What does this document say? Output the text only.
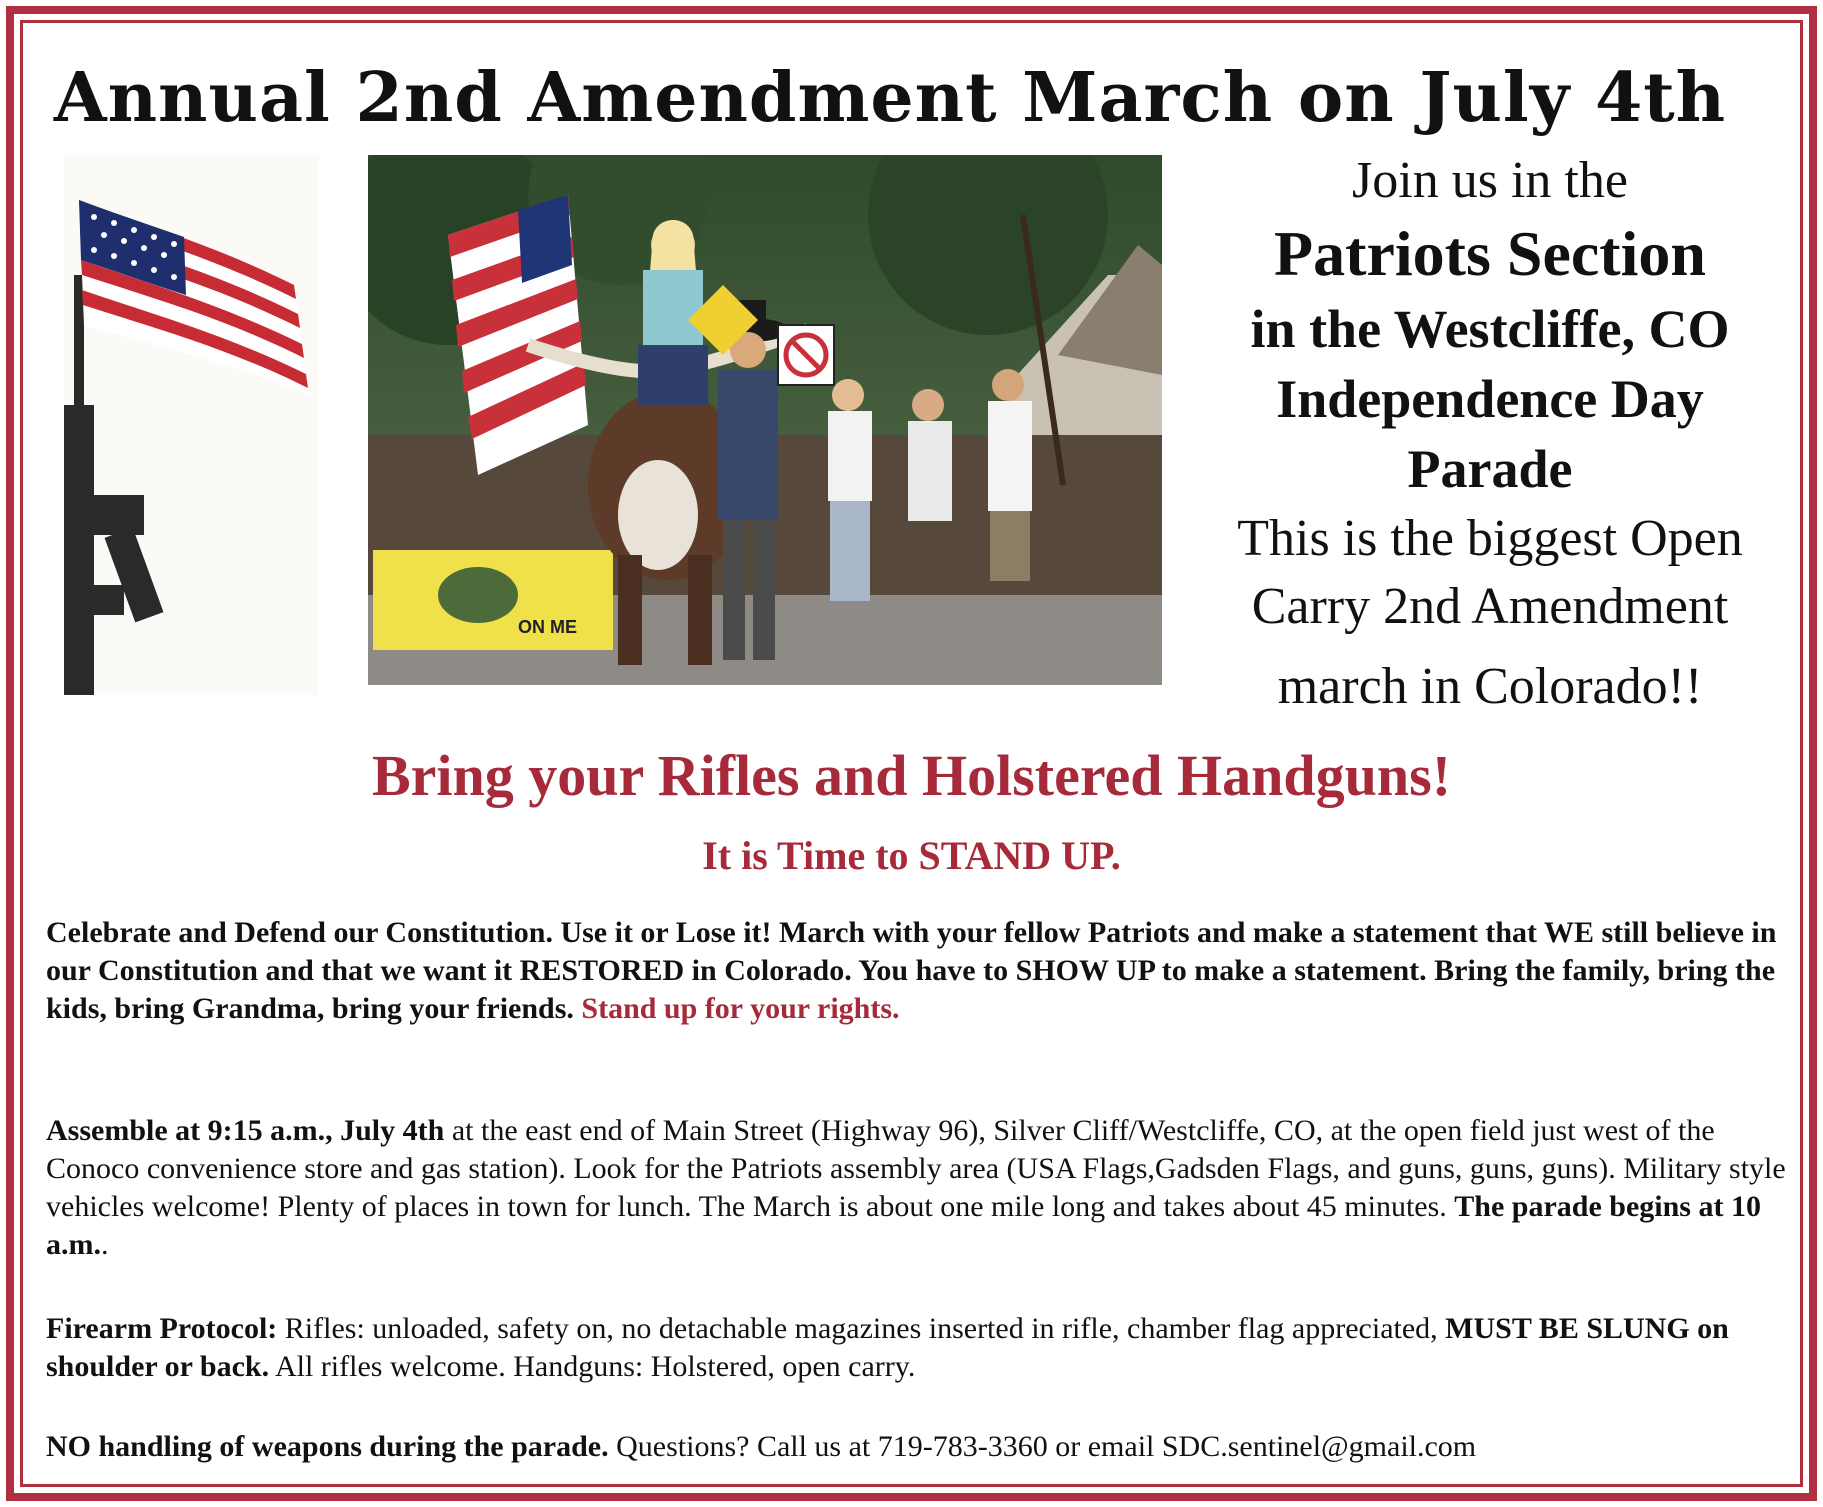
Annual 2nd Amendment March on July 4th
ON ME
Join us in the
Patriots Section
in the Westcliffe, CO
Independence Day
Parade
This is the biggest Open
Carry 2nd Amendment
march in Colorado!!
Bring your Rifles and Holstered Handguns!
It is Time to STAND UP.
Celebrate and Defend our Constitution. Use it or Lose it! March with your fellow Patriots and make a statement that WE still believe in our Constitution and that we want it RESTORED in Colorado. You have to SHOW UP to make a statement. Bring the family, bring the kids, bring Grandma, bring your friends. Stand up for your rights.
Assemble at 9:15 a.m., July 4th at the east end of Main Street (Highway 96), Silver Cliff/Westcliffe, CO, at the open field just west of the Conoco convenience store and gas station). Look for the Patriots assembly area (USA Flags,Gadsden Flags, and guns, guns, guns). Military style vehicles welcome! Plenty of places in town for lunch. The March is about one mile long and takes about 45 minutes. The parade begins at 10 a.m..
Firearm Protocol: Rifles: unloaded, safety on, no detachable magazines inserted in rifle, chamber flag appreciated, MUST BE SLUNG on shoulder or back. All rifles welcome. Handguns: Holstered, open carry.
NO handling of weapons during the parade. Questions? Call us at 719-783-3360 or email SDC.sentinel@gmail.com
